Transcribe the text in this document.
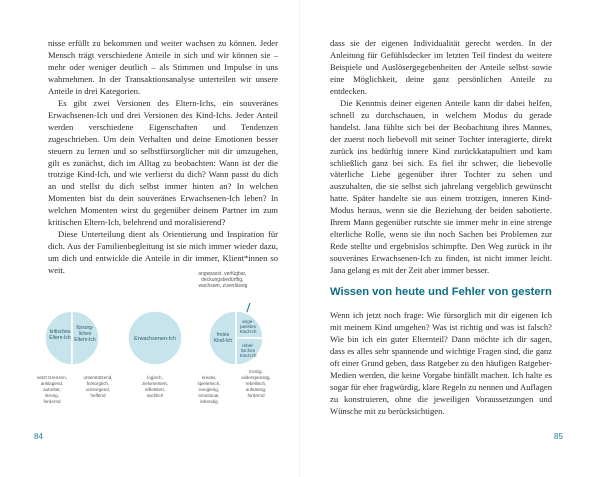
nisse erfüllt zu bekommen und weiter wachsen zu können. Jeder Mensch trägt verschiedene Anteile in sich und wir können sie – mehr oder weniger deutlich – als Stimmen und Impulse in uns wahrnehmen. In der Transaktionsanalyse unterteilen wir unsere Anteile in drei Kategorien.

Es gibt zwei Versionen des Eltern-Ichs, ein souveränes Erwachsenen-Ich und drei Versionen des Kind-Ichs. Jeder Anteil werden verschiedene Eigenschaften und Tendenzen zugeschrieben. Um dein Verhalten und deine Emotionen besser steuern zu lernen und so selbstfürsorglicher mit dir umzugehen, gilt es zunächst, dich im Alltag zu beobachten: Wann ist der die trotzige Kind-Ich, und wie verlierst du dich? Wann passt du dich an und stellst du dich selbst immer hinten an? In welchen Momenten bist du dein souveränes Erwachsenen-Ich leben? In welchen Momenten wirst du gegenüber deinem Partner im zum kritischen Eltern-Ich, belehrend und moralisierend?

Diese Unterteilung dient als Orientierung und Inspiration für dich. Aus der Familienbegleitung ist sie mich immer wieder dazu, um dich und entwickle die Anteile in dir immer, Klient*innen so weit.	angepasst, verfügbar, deckungsbedürftig, wachsam, zuverlässig
kritisches Eltern-Ich
fürsorg-liches Eltern-Ich	Erwachsenen-Ich
freies Kind-Ich
ange-passtes Kind-Ich
rebel-lisches Kind-Ich
setzt Grenzen, anklagend, autoritär, streng, fordernd
unterstützend, fürsorglich, umsorgend, helfend
logisch, zielorientiert, reflektiert, sachlich
kreativ, spielerisch, neugierig, emotional, lebendig
trotzig, widerspenstig, rebellisch, aufsässig, fordernd
84

dass sie der eigenen Individualität gerecht werden. In der Anleitung für Gefühlsdecker im letzten Teil findest du weitere Beispiele und Auslösergegebenheiten der Anteile selbst sowie eine Möglichkeit, deine ganz persönlichen Anteile zu entdecken.

Die Kenntnis deiner eigenen Anteile kann dir dabei helfen, schnell zu durchschauen, in welchem Modus du gerade handelst. Jana fühlte sich bei der Beobachtung ihres Mannes, der zuerst noch liebevoll mit seiner Tochter interagierte, direkt zurück ins bedürftig innere Kind zurückkatapultiert und kam schließlich ganz bei sich. Es fiel ihr schwer, die liebevolle väterliche Liebe gegenüber ihrer Tochter zu sehen und auszuhalten, die sie selbst sich jahrelang vergeblich gewünscht hatte. Später handelte sie aus einem trotzigen, inneren Kind-Modus heraus, wenn sie die Beziehung der beiden sabotierte. Ihrem Mann gegenüber rutschte sie immer mehr in eine strenge elterliche Rolle, wenn sie ihn noch Sachen bei Problemen zur Rede stellte und ergebnislos schimpfte. Den Weg zurück in ihr souveränes Erwachsenen-Ich zu finden, ist nicht immer leicht. Jana gelang es mit der Zeit aber immer besser.

Wissen von heute und Fehler von gestern

Wenn ich jetzt noch frage: Wie fürsorglich mit dir eigenen Ich mit meinem Kind umgehen? Was ist richtig und was ist falsch? Wie bin ich ein guter Elternteil? Dann möchte ich dir sagen, dass es alles sehr spannende und wichtige Fragen sind, die ganz oft einer Grund geben, dass Ratgeber zu den häufigen Ratgeber-Medien werden, die keine Vorgabe hinfällt machen. Ich halte es sogar für eher fragwürdig, klare Regeln zu nennen und Auflagen zu konstruieren, ohne die jeweiligen Voraussetzungen und Wünsche mit zu berücksichtigen.

85
